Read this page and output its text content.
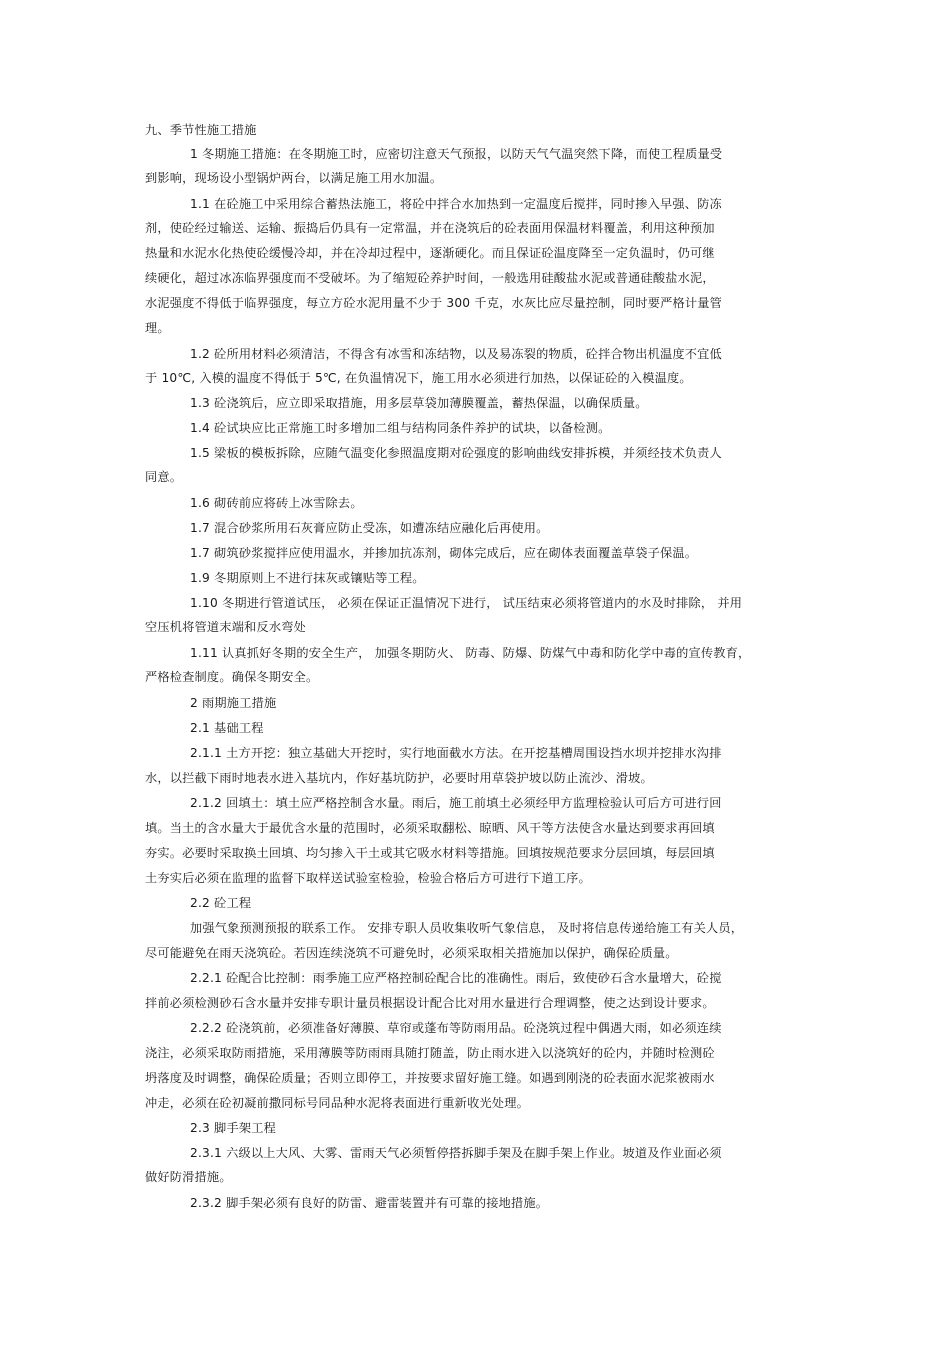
九、季节性施工措施
1 冬期施工措施：在冬期施工时，应密切注意天气预报，以防天气气温突然下降，而使工程质量受
到影响，现场设小型锅炉两台，以满足施工用水加温。
1.1 在砼施工中采用综合蓄热法施工，将砼中拌合水加热到一定温度后搅拌，同时掺入早强、防冻
剂，使砼经过输送、运输、振捣后仍具有一定常温，并在浇筑后的砼表面用保温材料覆盖，利用这种预加
热量和水泥水化热使砼缓慢冷却，并在冷却过程中，逐渐硬化。而且保证砼温度降至一定负温时，仍可继
续硬化，超过冰冻临界强度而不受破坏。为了缩短砼养护时间，一般选用硅酸盐水泥或普通硅酸盐水泥，
水泥强度不得低于临界强度，每立方砼水泥用量不少于 300 千克，水灰比应尽量控制，同时要严格计量管
理。
1.2 砼所用材料必须清洁，不得含有冰雪和冻结物，以及易冻裂的物质，砼拌合物出机温度不宜低
于 10℃, 入模的温度不得低于 5℃, 在负温情况下，施工用水必须进行加热，以保证砼的入模温度。
1.3 砼浇筑后，应立即采取措施，用多层草袋加薄膜覆盖，蓄热保温，以确保质量。
1.4 砼试块应比正常施工时多增加二组与结构同条件养护的试块，以备检测。
1.5 梁板的模板拆除，应随气温变化参照温度期对砼强度的影响曲线安排拆模，并须经技术负责人
同意。
1.6 砌砖前应将砖上冰雪除去。
1.7 混合砂浆所用石灰膏应防止受冻，如遭冻结应融化后再使用。
1.7 砌筑砂浆搅拌应使用温水，并掺加抗冻剂，砌体完成后，应在砌体表面覆盖草袋子保温。
1.9 冬期原则上不进行抹灰或镶贴等工程。
1.10 冬期进行管道试压， 必须在保证正温情况下进行， 试压结束必须将管道内的水及时排除， 并用
空压机将管道末端和反水弯处
1.11 认真抓好冬期的安全生产， 加强冬期防火、 防毒、防爆、防煤气中毒和防化学中毒的宣传教育，
严格检查制度。确保冬期安全。
2 雨期施工措施
2.1 基础工程
2.1.1 土方开挖：独立基础大开挖时，实行地面截水方法。在开挖基槽周围设挡水坝并挖排水沟排
水，以拦截下雨时地表水进入基坑内，作好基坑防护，必要时用草袋护坡以防止流沙、滑坡。
2.1.2 回填土：填土应严格控制含水量。雨后，施工前填土必须经甲方监理检验认可后方可进行回
填。当土的含水量大于最优含水量的范围时，必须采取翻松、晾晒、风干等方法使含水量达到要求再回填
夯实。必要时采取换土回填、均匀掺入干土或其它吸水材料等措施。回填按规范要求分层回填，每层回填
土夯实后必须在监理的监督下取样送试验室检验，检验合格后方可进行下道工序。
2.2 砼工程
加强气象预测预报的联系工作。 安排专职人员收集收听气象信息， 及时将信息传递给施工有关人员，
尽可能避免在雨天浇筑砼。若因连续浇筑不可避免时，必须采取相关措施加以保护，确保砼质量。
2.2.1 砼配合比控制：雨季施工应严格控制砼配合比的准确性。雨后，致使砂石含水量增大，砼搅
拌前必须检测砂石含水量并安排专职计量员根据设计配合比对用水量进行合理调整，使之达到设计要求。
2.2.2 砼浇筑前，必须准备好薄膜、草帘或蓬布等防雨用品。砼浇筑过程中偶遇大雨，如必须连续
浇注，必须采取防雨措施，采用薄膜等防雨雨具随打随盖，防止雨水进入以浇筑好的砼内，并随时检测砼
坍落度及时调整，确保砼质量；否则立即停工，并按要求留好施工缝。如遇到刚浇的砼表面水泥浆被雨水
冲走，必须在砼初凝前撒同标号同品种水泥将表面进行重新收光处理。
2.3 脚手架工程
2.3.1 六级以上大风、大雾、雷雨天气必须暂停搭拆脚手架及在脚手架上作业。坡道及作业面必须
做好防滑措施。
2.3.2 脚手架必须有良好的防雷、避雷装置并有可靠的接地措施。
